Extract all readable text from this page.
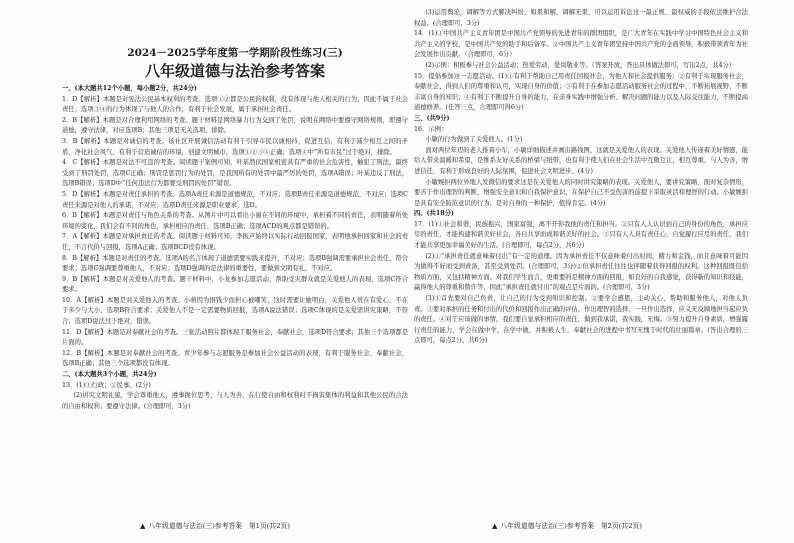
2024－2025学年度第一学期阶段性练习(三)
八年级道德与法治参考答案

一、(本大题共12个小题，每小题2分，共24分)

1．D【解析】本题是对宪法公民基本权利的考查。选项①②都是公民的权利，没有体现与他人相关的行为，因此不属于社会责任；选项③④的行为体现了与他人的合作，有利于社会发展，属于承担社会责任。

2．B【解析】本题是对合理利用网络的考查。题干材料是网络暴力行为交到了处罚，说明在网络中要遵守网络规则，即遵守道德，遵守法律，对应选项B；其他三项是无关选项，排除。

3．B【解析】本题是对诚信的考查。该社区开展诚信活动有利于引导市民以诚相待，促进互信，有利于减少相互之间的矛盾，净化社会风气，有利于营造诚信的环境，创建文明城市，选项①②③④正确；选项④中“所有市民”过于绝对，排除。

4．C【解析】本题是对法不可违的考查。阅读题干案例可知，叶某潜伏国家机密具有严重的社会危害性，触犯了刑法，最终受到了刑罚处罚，选项C正确；刑罚是惩罚行为的处罚，是我国所有的处罚中最严厉的处罚，选项A错误；叶某违反了刑法，选项B错误；选项D中“任何违法行为都要受刑罚的处罚”错误。

5．D【解析】本题是对责任承担的考查。选项A责任来源是道德规范，不对应；选项B责任来源是道德规范，不对应；选项C责任来源是对他人的承诺，不对应；选项D责任来源是职业要求，选D。

6．B【解析】本题是对责任与角色关系的考查。从图片中可以看出小丽在不同的环境中，承担着不同的责任，表明随着所处环境的变化，我们会有不同的角色，承担相应的责任，选项B正确；选项ACD的观点都是错误的。

7．A【解析】本题是对承担责任的考查。阅读题干材料可知，李振声始终以实际行动回报国家，表明他承担回家和社会的责任，不言代价与回报，选项A正确；选项BCD没有体现。

8．B【解析】本题是对责任的考查。选项A的名言体现了道德需要实践来提升，不对应；选项B强调需要承担社会责任，符合要求；选项C强调要尊重他人，不对应；选项D强调的是法律的重要性，要做到文明有礼，不对应。

9．B【解析】本题是对关爱他人的考查。题干材料中，小龙参加志愿活动，帮助受灾群众就是关爱他人的表现，选项C符合要求。

10．A【解析】本题是对关爱他人的考查。小萌因为捐钱少而担心被嘲笑，这时需要让她明白，关爱他人贵在有爱心，不在于多少与大小，选项B符合要求；关爱他人不是一定需要物质回报，选项A说法错误；选项C体现的是关爱需讲究策略，不符合；选项D说法过于绝对，错误。

11．D【解析】本题是对奉献社会的考查。三张活动照片都体现了服务社会，奉献社会，选项D符合要求；其他三个选项都是片面的。

12．B【解析】本题是对奉献社会的考查。青少年参与志愿服务是参加社会公益活动的表现，有利于服务社会、奉献社会，选项B正确；其他三个选项都没有体现。

二、(本大题共3个小题，共24分)

13．(1)①行政；②民事。(2分)

(2)讲究文明礼貌，学会尊重他人，遵事换位思考，与人为善，在行使自由和权利时不损害集体的利益和其他公民的合法的自由和权利；要遵守法律。(合理即可，3分)

(3)运用舆论，调解等方式解决纠纷，如果和解，调解无果，可以运用诉讼这一最正规、最权威的手段依法维护合法权益。(合理即可，3分)

14．(1)①中国共产主义青年团是中国共产党领导的先进青年的群团组织，是广大青年在实践中学习中国特色社会主义和共产主义的学校，是中国共产党的助手和后备军。②中国共产主义青年团坚持中国共产党的全面领导，积极带领青年为社会发展作出贡献。（合理即可，6分）

(2)示例：积极参与社会公益活动；热爱劳动，爱岗敬业等。（答案开放，答出具体做法即可，写出2点，共4分）

15．提倡参加这一志愿活动。(1)①有利于帮助自己用责任回报社会，为他人和社会提供服务；②有利于实现服务社会，奉献社会，得到人们的尊重和认可，实现自身的价值；③有利于在参加志愿活动服务社会的过程中，不断拓展视野，不断丰富自身的知识；④有利于不断提升自身的能力，在亲身实践中增强分析、解决问题的能力以及人际交往能力，不断提高道德修养。(任答三点，合理即可得6分)

三、(共9分)

16．示例：

小敏的行为做到了关爱他人。(1分)

面对两位年迈的老人推着小车，小敏详细描述并画出路线图，这就是关爱他人的表现。关爱他人传递着美好情感，能给人带来温暖和希望，是维系友好关系的桥梁与纽带，也有利于使人们在社会生活中互敬互让，相互尊重，与人为善，增进信任，有利于形成良好的人际氛围，促进社会文明进步。(4分)

小敏婉拒两位外地人发微信的要求这是在关爱他人的同时讲究策略的表现。关爱他人，要讲究策略，面对复杂情形，要善于作出理智的判断，增强安全意识和自我保护意识，在保护自己不受伤害的前提下采取灵活和理智的行动。小敏婉拒是具有安全防范意识的行为，是对自身的一种保护，值得肯定。(4分)

四、(共18分)

17．(1)①社会和谐，民族振兴，国家富强，离不开你我他的责任和担当。②只有人人认识到自己的身份的角色，承担应尽的责任，才能构建和谐美好社会，各自共享而成和谐美好的社会。③只有人人具有责任心，自觉履行应尽的责任，我们才能共享更加幸福美好的生活。(合理即可，每点2分，共6分)

(2)①“承担责任就意味着付出”有一定的道理。因为承担责任不仅意味着付出时间，精力和金钱，而且意味着可能因为做得不好而受到责备，甚至受到处罚。(合理即可，3分)②但承担责任往往也伴随着获得回报的权利。这种回报既包括物质方面，又包括精神方面。对我们学生而言，更重要的是精神方面的回报，如良好的自我感觉，获得新的知识和技能，赢得他人的尊重和赞许等，因此“承担责任就付出”的观点是片面的。(合理即可，3分)

(3)①首先要对自己负责，让自己的行为受到知识和控制。②要学会感恩，主动关心，帮助和服务他人，对他人负责。③要对承担的任务和付出的代价和回报作出正确的评估，作出理智的选择，一旦作出选择，应义无反顾地担当起应负的责任。④对于应该做的事情，我们要自觉承担相应的责任，做到我承诺，我实践，无悔。⑤努力提升自身素质，增强履行责任的能力，学会在做中学，在学中做，并积极人生，奉献社会的进程中书写无愧于时代的壮丽篇章。(答出合理的三点即可，每点2分，共6分)

▲ 八年级道德与法治(三)参考答案　第1页(共2页)	▲ 八年级道德与法治(三)参考答案　第2页(共2页)
